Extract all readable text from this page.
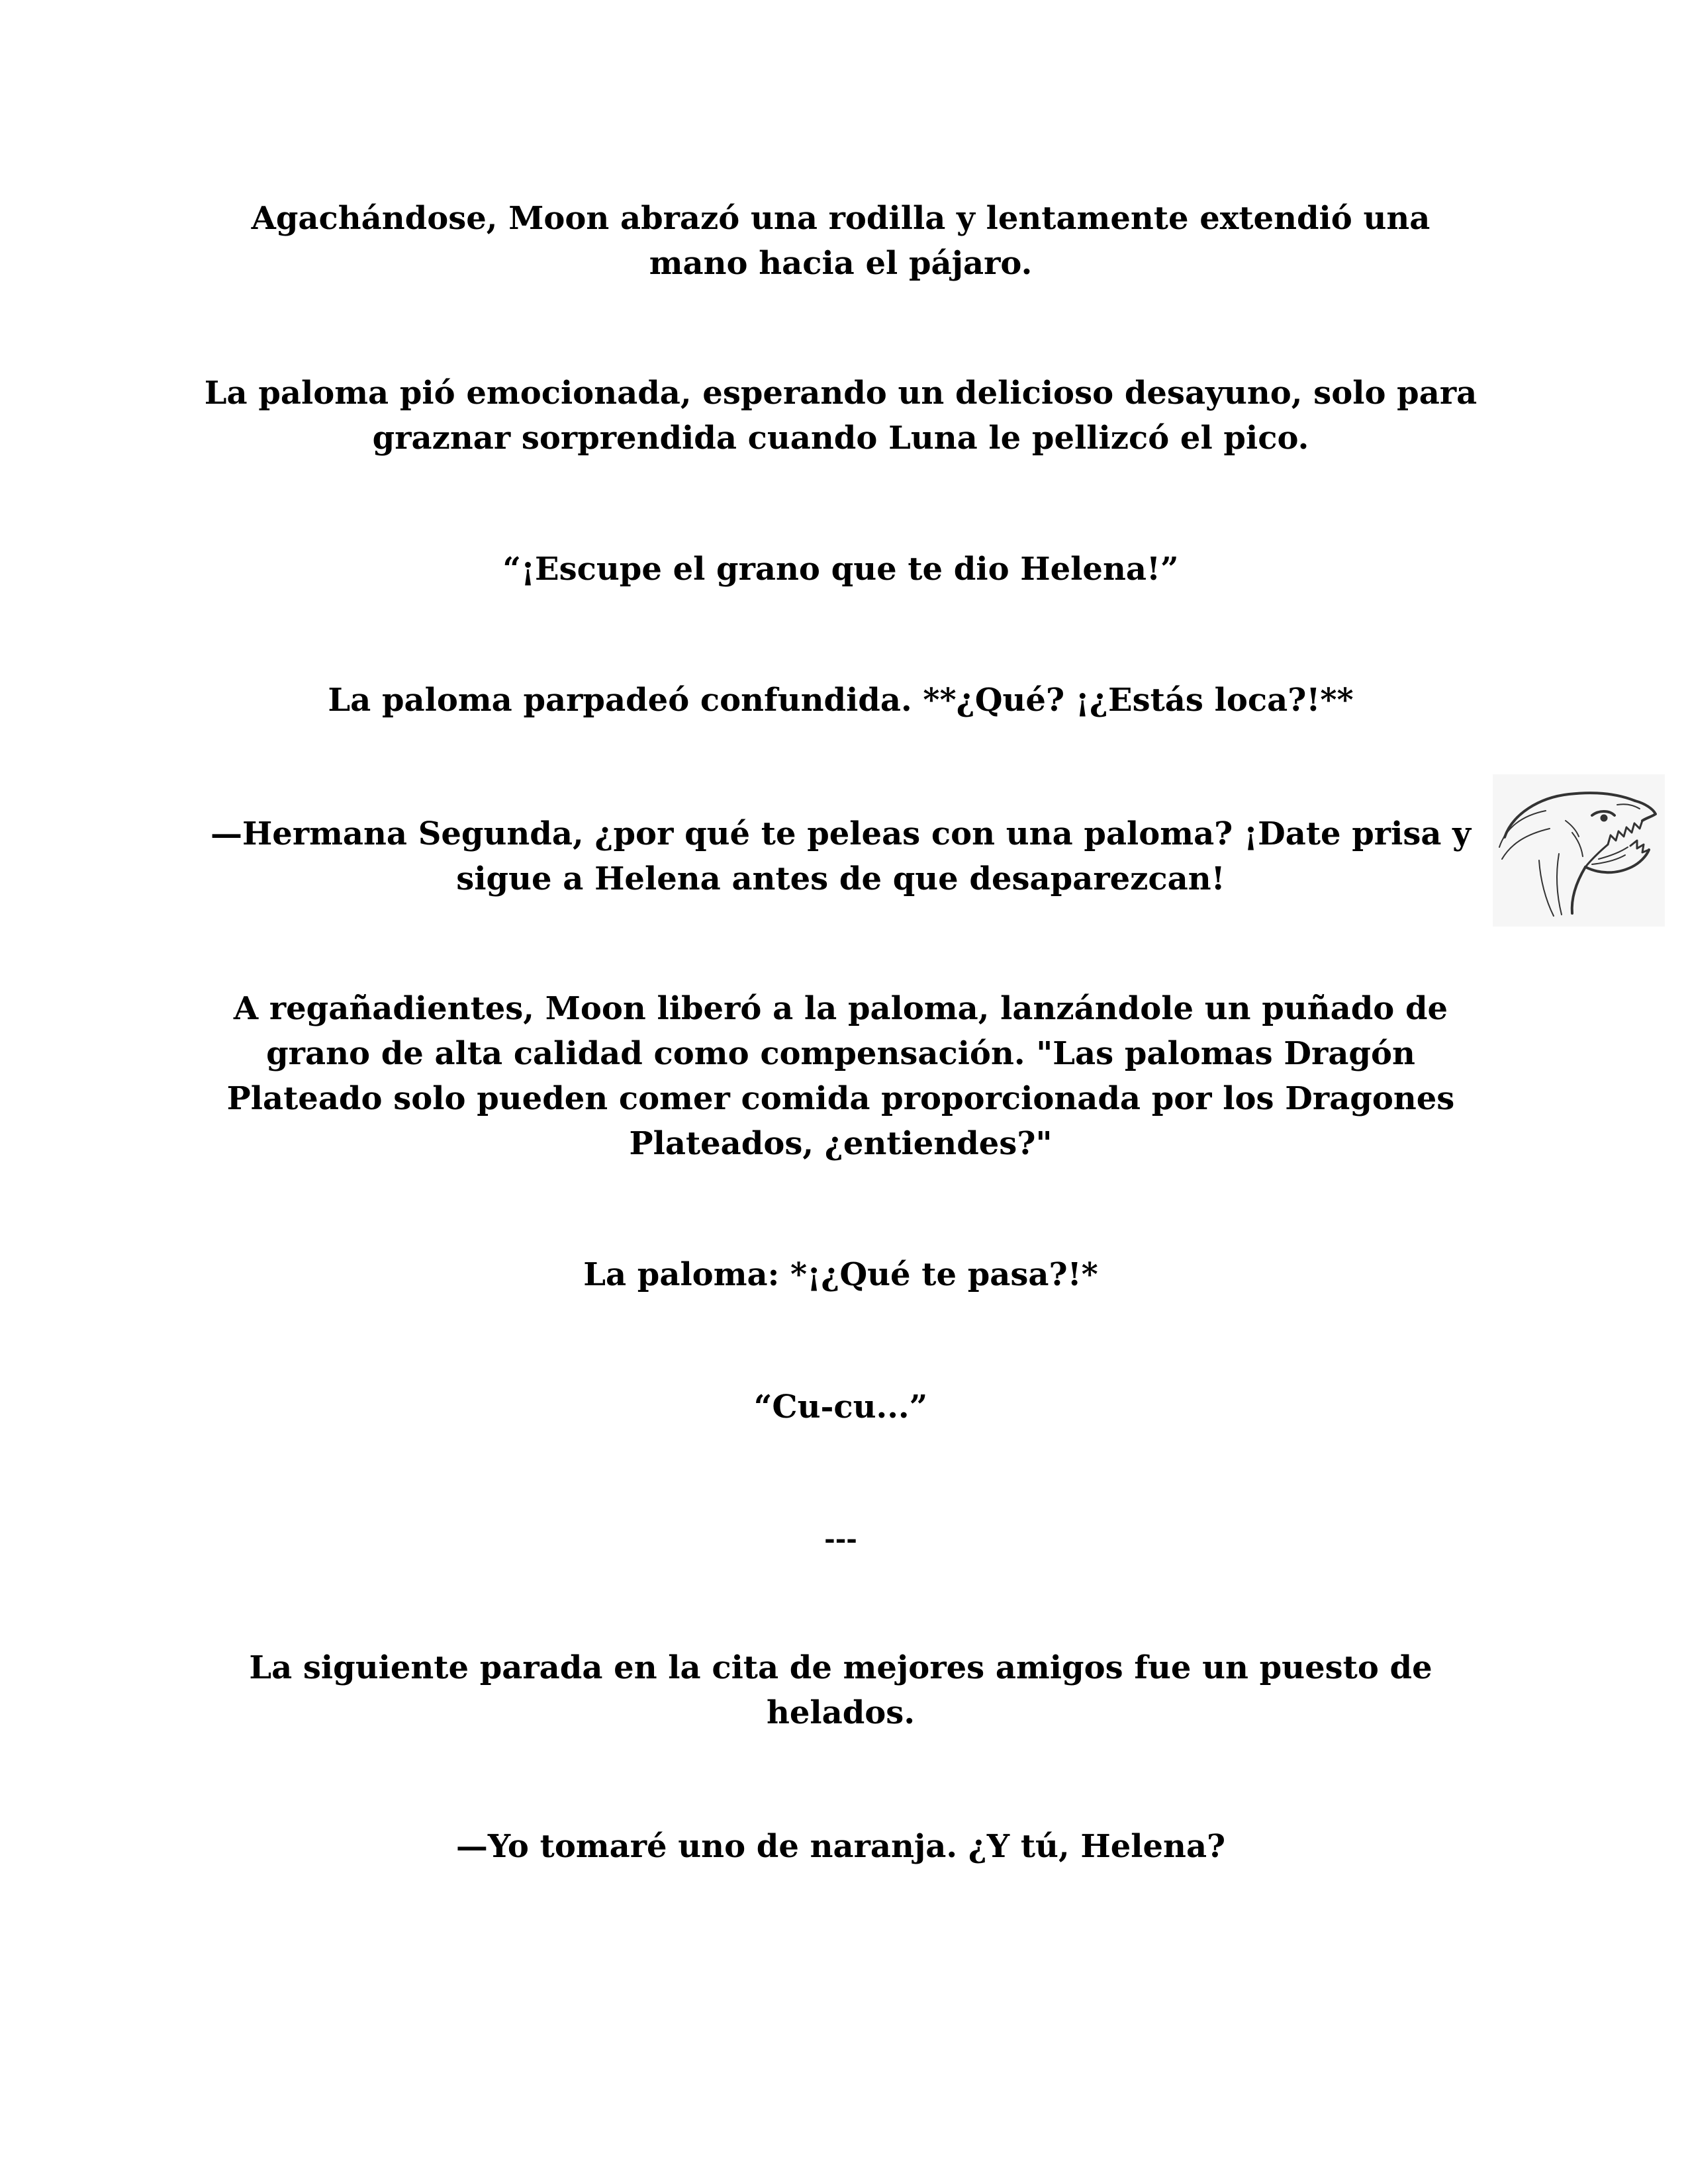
Agachándose, Moon abrazó una rodilla y lentamente extendió una mano hacia el pájaro.

La paloma pió emocionada, esperando un delicioso desayuno, solo para graznar sorprendida cuando Luna le pellizcó el pico.

“¡Escupe el grano que te dio Helena!”

La paloma parpadeó confundida. **¿Qué? ¡¿Estás loca?!**

—Hermana Segunda, ¿por qué te peleas con una paloma? ¡Date prisa y sigue a Helena antes de que desaparezcan!

A regañadientes, Moon liberó a la paloma, lanzándole un puñado de grano de alta calidad como compensación. "Las palomas Dragón Plateado solo pueden comer comida proporcionada por los Dragones Plateados, ¿entiendes?"

La paloma: *¡¿Qué te pasa?!*

“Cu-cu...”

---

La siguiente parada en la cita de mejores amigos fue un puesto de helados.

—Yo tomaré uno de naranja. ¿Y tú, Helena?
